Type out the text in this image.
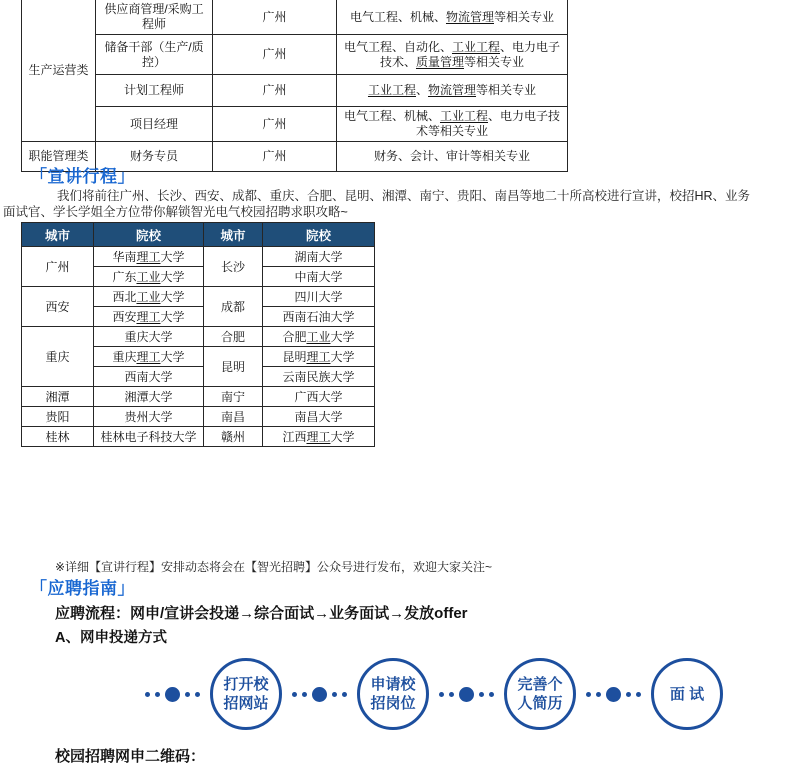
生产运营类	供应商管理/采购工程师	广州	电气工程、机械、物流管理等相关专业
	储备干部（生产/质控）	广州	电气工程、自动化、工业工程、电力电子技术、质量管理等相关专业
	计划工程师	广州	工业工程、物流管理等相关专业
	项目经理	广州	电气工程、机械、工业工程、电力电子技术等相关专业
职能管理类	财务专员	广州	财务、会计、审计等相关专业
「宣讲行程」
我们将前往广州、长沙、西安、成都、重庆、合肥、昆明、湘潭、南宁、贵阳、南昌等地二十所高校进行宣讲，校招HR、业务面试官、学长学姐全方位带你解锁智光电气校园招聘求职攻略~
城市	院校	城市	院校
广州	华南理工大学	长沙	湖南大学
	广东工业大学		中南大学
西安	西北工业大学	成都	四川大学
	西安理工大学		西南石油大学
重庆	重庆大学	合肥	合肥工业大学
	重庆理工大学	昆明	昆明理工大学
	西南大学		云南民族大学
湘潭	湘潭大学	南宁	广西大学
贵阳	贵州大学	南昌	南昌大学
桂林	桂林电子科技大学	赣州	江西理工大学
※详细【宣讲行程】安排动态将会在【智光招聘】公众号进行发布，欢迎大家关注~
「应聘指南」
应聘流程：网申/宣讲会投递→综合面试→业务面试→发放offer
A、网申投递方式
打开校
招网站
申请校
招岗位
完善个
人简历
面 试
校园招聘网申二维码：
